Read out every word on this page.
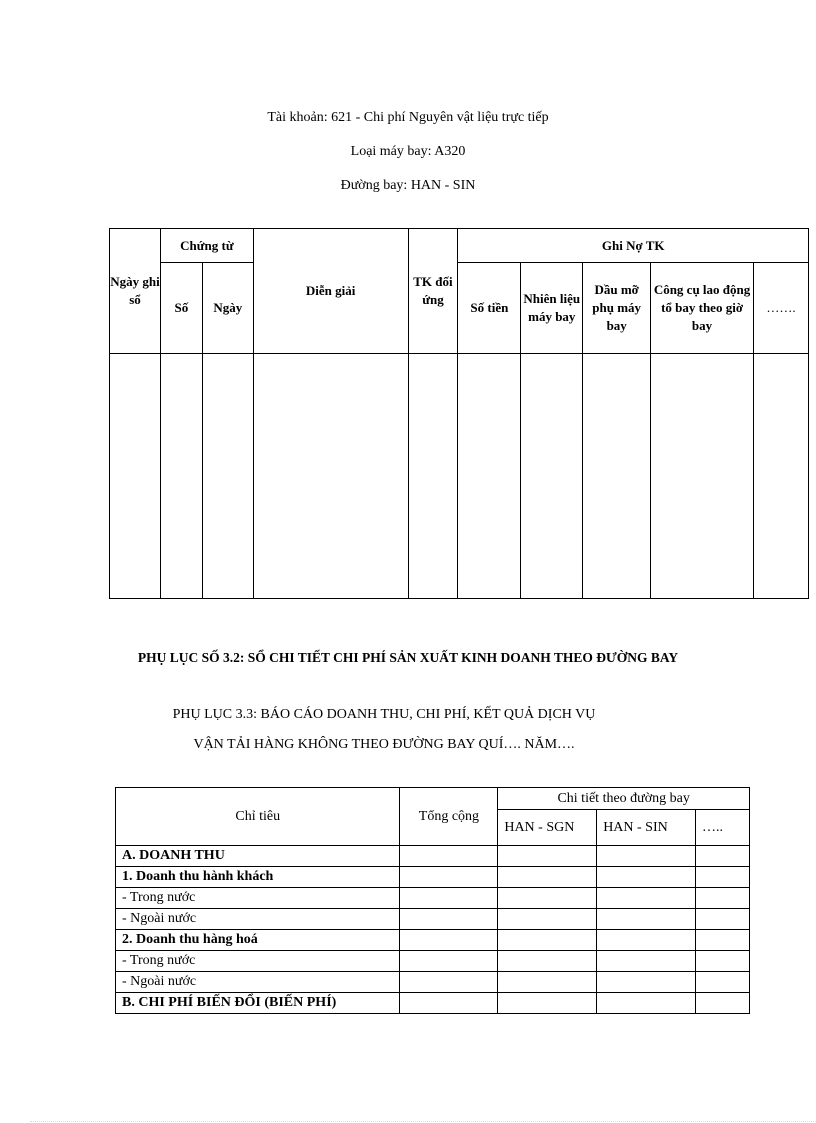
Tài khoản: 621 - Chi phí Nguyên vật liệu trực tiếp
Loại máy bay: A320
Đường bay: HAN - SIN
Ngày ghi sổ	Chứng từ		Diễn giải	TK đối ứng	Ghi Nợ TK				
	Số	Ngày			Số tiền	Nhiên liệu máy bay	Dầu mỡ phụ máy bay	Công cụ lao động tổ bay theo giờ bay	…….

PHỤ LỤC SỐ 3.2: SỔ CHI TIẾT CHI PHÍ SẢN XUẤT KINH DOANH THEO ĐƯỜNG BAY
PHỤ LỤC 3.3: BÁO CÁO DOANH THU, CHI PHÍ, KẾT QUẢ DỊCH VỤ
VẬN TẢI HÀNG KHÔNG THEO ĐƯỜNG BAY QUÍ…. NĂM….
Chỉ tiêu	Tổng cộng	Chi tiết theo đường bay		
		HAN - SGN	HAN - SIN	…..
A. DOANH THU				
1. Doanh thu hành khách				
- Trong nước				
- Ngoài nước				
2. Doanh thu hàng hoá				
- Trong nước				
- Ngoài nước				
B. CHI PHÍ BIẾN ĐỔI (BIẾN PHÍ)				
